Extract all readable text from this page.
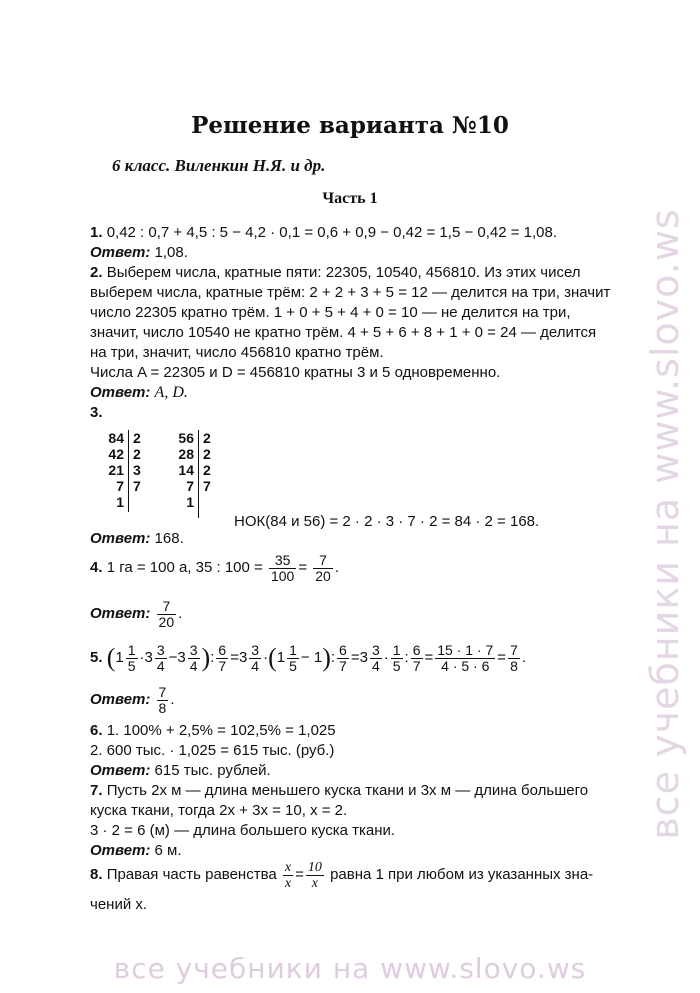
Решение варианта №10
6 класс. Виленкин Н.Я. и др.
Часть 1
1. 0,42 : 0,7 + 4,5 : 5 − 4,2 · 0,1 = 0,6 + 0,9 − 0,42 = 1,5 − 0,42 = 1,08.
Ответ: 1,08.
2. Выберем числа, кратные пяти: 22305, 10540, 456810. Из этих чисел
выберем числа, кратные трём: 2 + 2 + 3 + 5 = 12 — делится на три, значит
число 22305 кратно трём. 1 + 0 + 5 + 4 + 0 = 10 — не делится на три,
значит, число 10540 не кратно трём. 4 + 5 + 6 + 8 + 1 + 0 = 24 — делится
на три, значит, число 456810 кратно трём.
Числа A = 22305 и D = 456810 кратны 3 и 5 одновременно.
Ответ: A, D.
3.
84
42
21
7
1
2
2
3
7
56
28
14
7
1
2
2
2
7
НОК(84 и 56) = 2 · 2 · 3 · 7 · 2 = 84 · 2 = 168.
Ответ: 168.
4. 1 га = 100 а, 35 : $100 = \frac{35}{100} = \frac{7}{20}$ .
Ответ: $\frac{7}{20}$ .
5. ($1 \frac{1}{5} \cdot 3 \frac{3}{4} -3 \frac{3}{4}$ ): $\frac{6}{7} =3 \frac{3}{4} \cdot(1 \frac{1}{5} - 1)$: $\frac{6}{7} =3 \frac{3}{4} \cdot \frac{1}{5}$ : $\frac{6}{7} = \frac{15 \cdot 1 \cdot 7}{4 \cdot 5 \cdot 6} = \frac{7}{8}$ .
Ответ: $\frac{7}{8}$ .
6. 1. 100% + 2,5% = 102,5% = 1,025
2. 600 тыс. · 1,025 = 615 тыс. (руб.)
Ответ: 615 тыс. рублей.
7. Пусть 2x м — длина меньшего куска ткани и 3x м — длина большего
куска ткани, тогда 2x + 3x = 10, x = 2.
3 · 2 = 6 (м) — длина большего куска ткани.
Ответ: 6 м.
8. Правая часть равенства $\frac{x}{x} = \frac{10}{x}$ равна 1 при любом из указанных зна-
чений x.
все учебники на www.slovo.ws
все учебники на www.slovo.ws
